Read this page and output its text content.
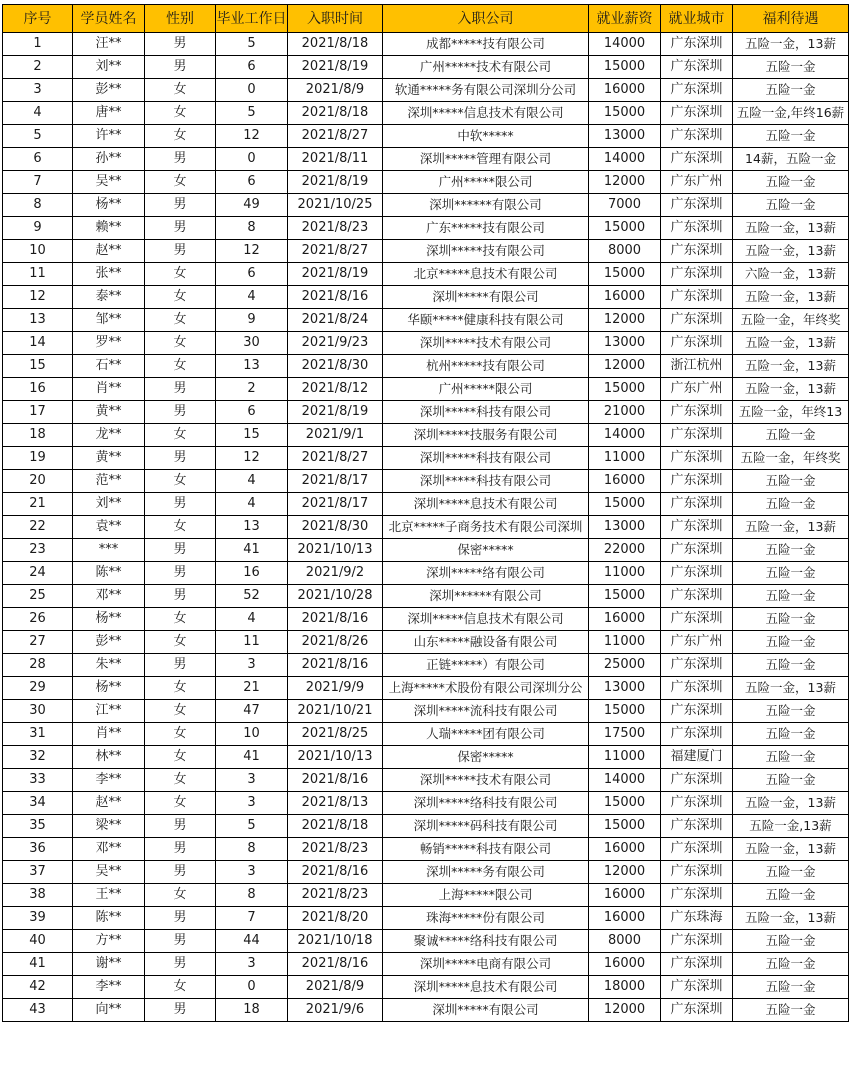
序号	学员姓名	性别	毕业工作日	入职时间	入职公司	就业薪资	就业城市	福利待遇
1	汪**	男	5	2021/8/18	成都*****技有限公司	14000	广东深圳	五险一金，13薪
2	刘**	男	6	2021/8/19	广州*****技术有限公司	15000	广东深圳	五险一金
3	彭**	女	0	2021/8/9	软通*****务有限公司深圳分公司	16000	广东深圳	五险一金
4	唐**	女	5	2021/8/18	深圳*****信息技术有限公司	15000	广东深圳	五险一金,年终16薪
5	许**	女	12	2021/8/27	中软*****	13000	广东深圳	五险一金
6	孙**	男	0	2021/8/11	深圳*****管理有限公司	14000	广东深圳	14薪，五险一金
7	吴**	女	6	2021/8/19	广州*****限公司	12000	广东广州	五险一金
8	杨**	男	49	2021/10/25	深圳******有限公司	7000	广东深圳	五险一金
9	赖**	男	8	2021/8/23	广东*****技有限公司	15000	广东深圳	五险一金，13薪
10	赵**	男	12	2021/8/27	深圳*****技有限公司	8000	广东深圳	五险一金，13薪
11	张**	女	6	2021/8/19	北京*****息技术有限公司	15000	广东深圳	六险一金，13薪
12	泰**	女	4	2021/8/16	深圳*****有限公司	16000	广东深圳	五险一金，13薪
13	邹**	女	9	2021/8/24	华颐*****健康科技有限公司	12000	广东深圳	五险一金，年终奖
14	罗**	女	30	2021/9/23	深圳*****技术有限公司	13000	广东深圳	五险一金，13薪
15	石**	女	13	2021/8/30	杭州*****技有限公司	12000	浙江杭州	五险一金，13薪
16	肖**	男	2	2021/8/12	广州*****限公司	15000	广东广州	五险一金，13薪
17	黄**	男	6	2021/8/19	深圳*****科技有限公司	21000	广东深圳	五险一金，年终13
18	龙**	女	15	2021/9/1	深圳*****技服务有限公司	14000	广东深圳	五险一金
19	黄**	男	12	2021/8/27	深圳*****科技有限公司	11000	广东深圳	五险一金，年终奖
20	范**	女	4	2021/8/17	深圳*****科技有限公司	16000	广东深圳	五险一金
21	刘**	男	4	2021/8/17	深圳*****息技术有限公司	15000	广东深圳	五险一金
22	袁**	女	13	2021/8/30	北京*****子商务技术有限公司深圳	13000	广东深圳	五险一金，13薪
23	***	男	41	2021/10/13	保密*****	22000	广东深圳	五险一金
24	陈**	男	16	2021/9/2	深圳*****络有限公司	11000	广东深圳	五险一金
25	邓**	男	52	2021/10/28	深圳******有限公司	15000	广东深圳	五险一金
26	杨**	女	4	2021/8/16	深圳*****信息技术有限公司	16000	广东深圳	五险一金
27	彭**	女	11	2021/8/26	山东*****融设备有限公司	11000	广东广州	五险一金
28	朱**	男	3	2021/8/16	正链*****）有限公司	25000	广东深圳	五险一金
29	杨**	女	21	2021/9/9	上海*****术股份有限公司深圳分公	13000	广东深圳	五险一金，13薪
30	江**	女	47	2021/10/21	深圳*****流科技有限公司	15000	广东深圳	五险一金
31	肖**	女	10	2021/8/25	人瑞*****团有限公司	17500	广东深圳	五险一金
32	林**	女	41	2021/10/13	保密*****	11000	福建厦门	五险一金
33	李**	女	3	2021/8/16	深圳*****技术有限公司	14000	广东深圳	五险一金
34	赵**	女	3	2021/8/13	深圳*****络科技有限公司	15000	广东深圳	五险一金，13薪
35	梁**	男	5	2021/8/18	深圳*****码科技有限公司	15000	广东深圳	五险一金,13薪
36	邓**	男	8	2021/8/23	畅销*****科技有限公司	16000	广东深圳	五险一金，13薪
37	吴**	男	3	2021/8/16	深圳*****务有限公司	12000	广东深圳	五险一金
38	王**	女	8	2021/8/23	上海*****限公司	16000	广东深圳	五险一金
39	陈**	男	7	2021/8/20	珠海*****份有限公司	16000	广东珠海	五险一金，13薪
40	方**	男	44	2021/10/18	聚诚*****络科技有限公司	8000	广东深圳	五险一金
41	谢**	男	3	2021/8/16	深圳*****电商有限公司	16000	广东深圳	五险一金
42	李**	女	0	2021/8/9	深圳*****息技术有限公司	18000	广东深圳	五险一金
43	向**	男	18	2021/9/6	深圳*****有限公司	12000	广东深圳	五险一金
